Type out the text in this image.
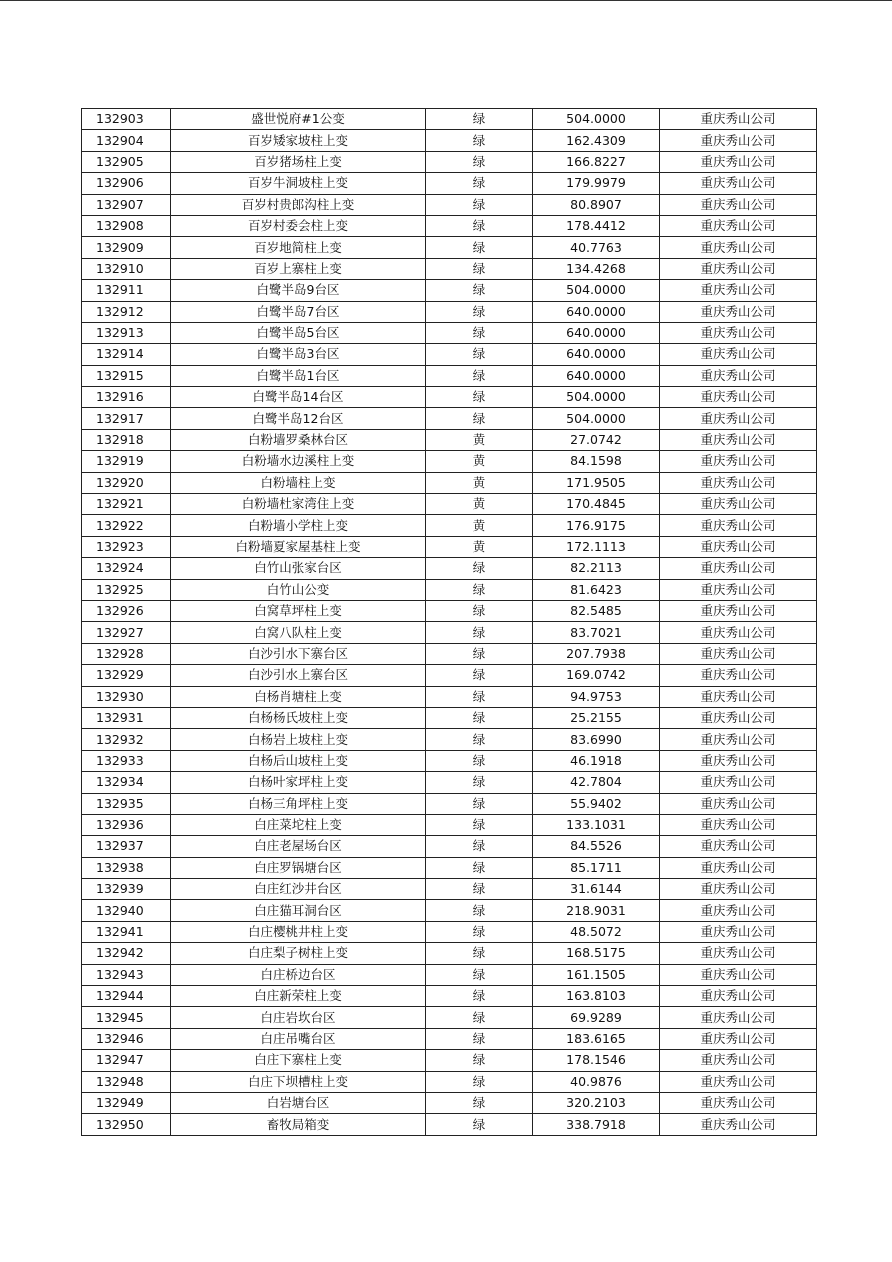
132903	盛世悦府#1公变	绿	504.0000	重庆秀山公司
132904	百岁矮家坡柱上变	绿	162.4309	重庆秀山公司
132905	百岁猪场柱上变	绿	166.8227	重庆秀山公司
132906	百岁牛洞坡柱上变	绿	179.9979	重庆秀山公司
132907	百岁村贵郎沟柱上变	绿	80.8907	重庆秀山公司
132908	百岁村委会柱上变	绿	178.4412	重庆秀山公司
132909	百岁地简柱上变	绿	40.7763	重庆秀山公司
132910	百岁上寨柱上变	绿	134.4268	重庆秀山公司
132911	白鹭半岛9台区	绿	504.0000	重庆秀山公司
132912	白鹭半岛7台区	绿	640.0000	重庆秀山公司
132913	白鹭半岛5台区	绿	640.0000	重庆秀山公司
132914	白鹭半岛3台区	绿	640.0000	重庆秀山公司
132915	白鹭半岛1台区	绿	640.0000	重庆秀山公司
132916	白鹭半岛14台区	绿	504.0000	重庆秀山公司
132917	白鹭半岛12台区	绿	504.0000	重庆秀山公司
132918	白粉墙罗桑林台区	黄	27.0742	重庆秀山公司
132919	白粉墙水边溪柱上变	黄	84.1598	重庆秀山公司
132920	白粉墙柱上变	黄	171.9505	重庆秀山公司
132921	白粉墙杜家湾住上变	黄	170.4845	重庆秀山公司
132922	白粉墙小学柱上变	黄	176.9175	重庆秀山公司
132923	白粉墙夏家屋基柱上变	黄	172.1113	重庆秀山公司
132924	白竹山张家台区	绿	82.2113	重庆秀山公司
132925	白竹山公变	绿	81.6423	重庆秀山公司
132926	白窝草坪柱上变	绿	82.5485	重庆秀山公司
132927	白窝八队柱上变	绿	83.7021	重庆秀山公司
132928	白沙引水下寨台区	绿	207.7938	重庆秀山公司
132929	白沙引水上寨台区	绿	169.0742	重庆秀山公司
132930	白杨肖塘柱上变	绿	94.9753	重庆秀山公司
132931	白杨杨氏坡柱上变	绿	25.2155	重庆秀山公司
132932	白杨岩上坡柱上变	绿	83.6990	重庆秀山公司
132933	白杨后山坡柱上变	绿	46.1918	重庆秀山公司
132934	白杨叶家坪柱上变	绿	42.7804	重庆秀山公司
132935	白杨三角坪柱上变	绿	55.9402	重庆秀山公司
132936	白庄菜坨柱上变	绿	133.1031	重庆秀山公司
132937	白庄老屋场台区	绿	84.5526	重庆秀山公司
132938	白庄罗锅塘台区	绿	85.1711	重庆秀山公司
132939	白庄红沙井台区	绿	31.6144	重庆秀山公司
132940	白庄猫耳洞台区	绿	218.9031	重庆秀山公司
132941	白庄樱桃井柱上变	绿	48.5072	重庆秀山公司
132942	白庄梨子树柱上变	绿	168.5175	重庆秀山公司
132943	白庄桥边台区	绿	161.1505	重庆秀山公司
132944	白庄新荣柱上变	绿	163.8103	重庆秀山公司
132945	白庄岩坎台区	绿	69.9289	重庆秀山公司
132946	白庄吊嘴台区	绿	183.6165	重庆秀山公司
132947	白庄下寨柱上变	绿	178.1546	重庆秀山公司
132948	白庄下坝槽柱上变	绿	40.9876	重庆秀山公司
132949	白岩塘台区	绿	320.2103	重庆秀山公司
132950	畜牧局箱变	绿	338.7918	重庆秀山公司
